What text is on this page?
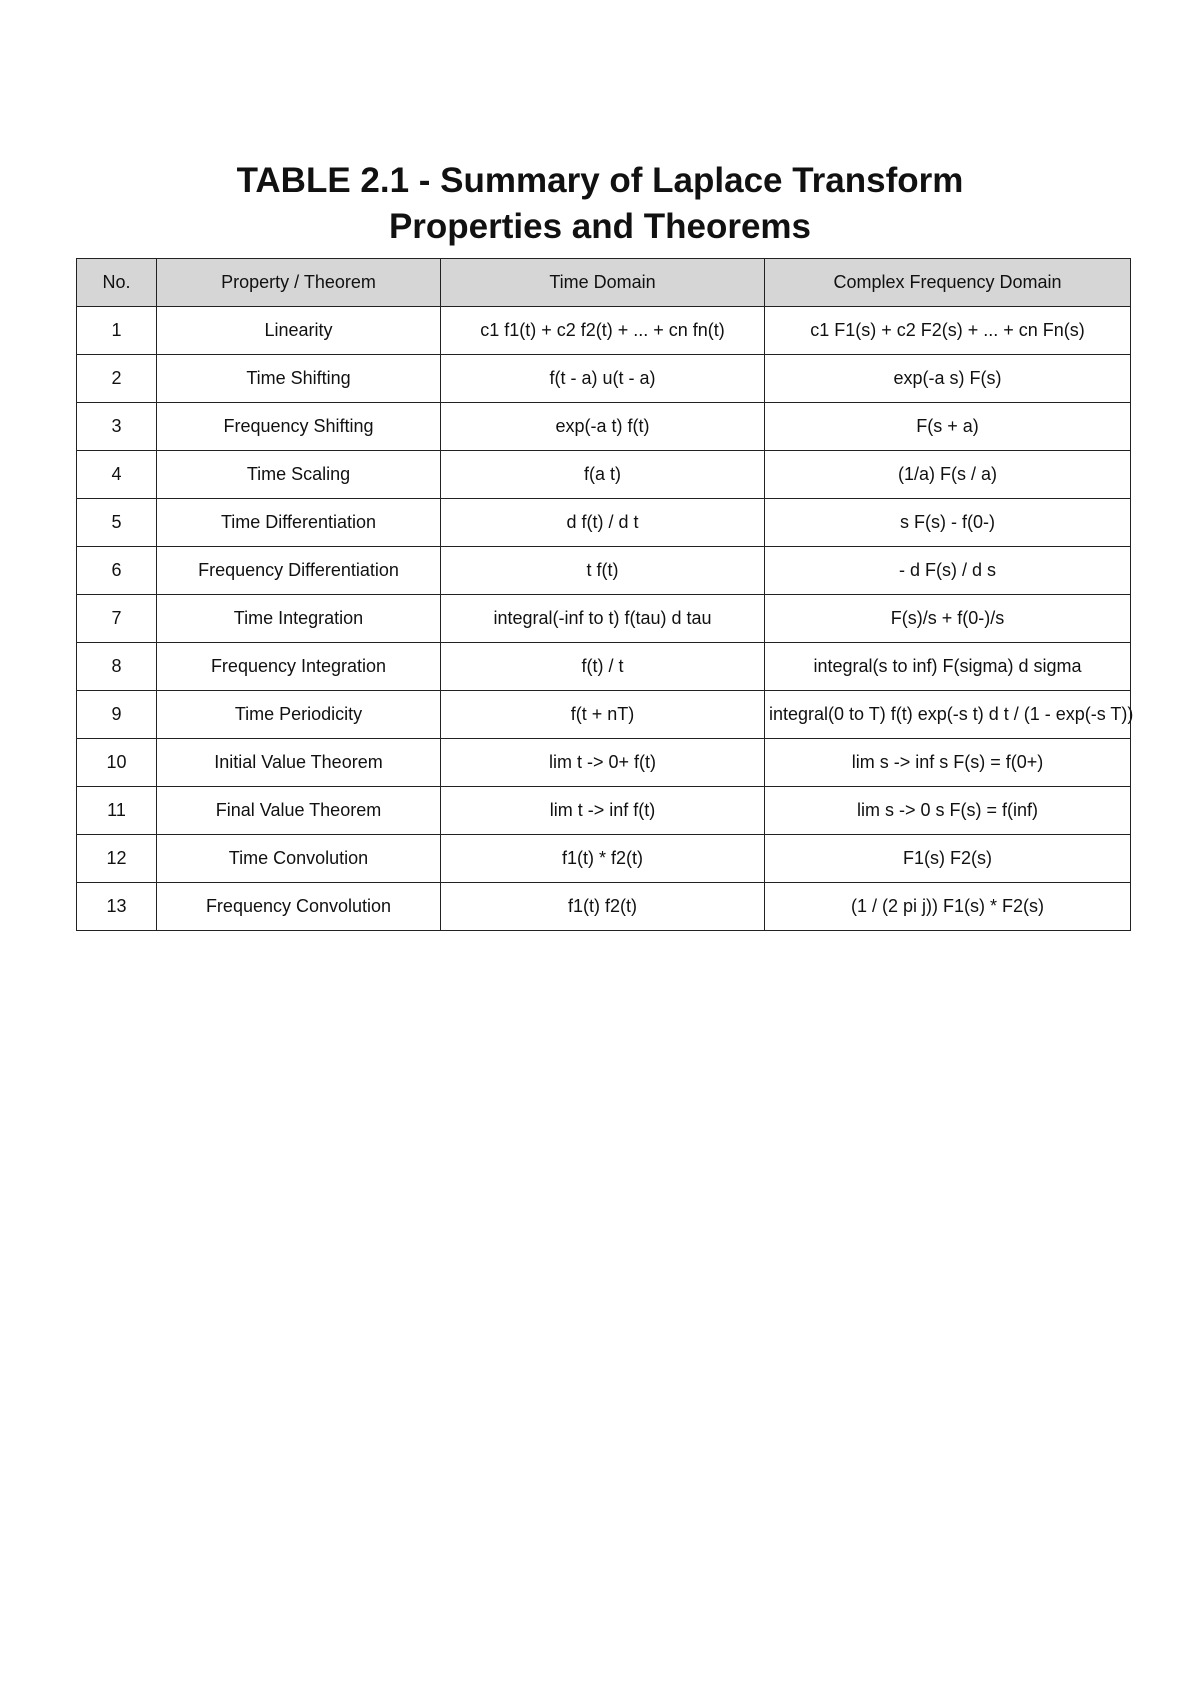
TABLE 2.1 - Summary of Laplace Transform
Properties and Theorems
No.	Property / Theorem	Time Domain	Complex Frequency Domain
1	Linearity	c1 f1(t) + c2 f2(t) + ... + cn fn(t)	c1 F1(s) + c2 F2(s) + ... + cn Fn(s)
2	Time Shifting	f(t - a) u(t - a)	exp(-a s) F(s)
3	Frequency Shifting	exp(-a t) f(t)	F(s + a)
4	Time Scaling	f(a t)	(1/a) F(s / a)
5	Time Differentiation	d f(t) / d t	s F(s) - f(0-)
6	Frequency Differentiation	t f(t)	- d F(s) / d s
7	Time Integration	integral(-inf to t) f(tau) d tau	F(s)/s + f(0-)/s
8	Frequency Integration	f(t) / t	integral(s to inf) F(sigma) d sigma
9	Time Periodicity	f(t + nT)	integral(0 to T) f(t) exp(-s t) d t / (1 - exp(-s T))
10	Initial Value Theorem	lim t -> 0+ f(t)	lim s -> inf s F(s) = f(0+)
11	Final Value Theorem	lim t -> inf f(t)	lim s -> 0 s F(s) = f(inf)
12	Time Convolution	f1(t) * f2(t)	F1(s) F2(s)
13	Frequency Convolution	f1(t) f2(t)	(1 / (2 pi j)) F1(s) * F2(s)
